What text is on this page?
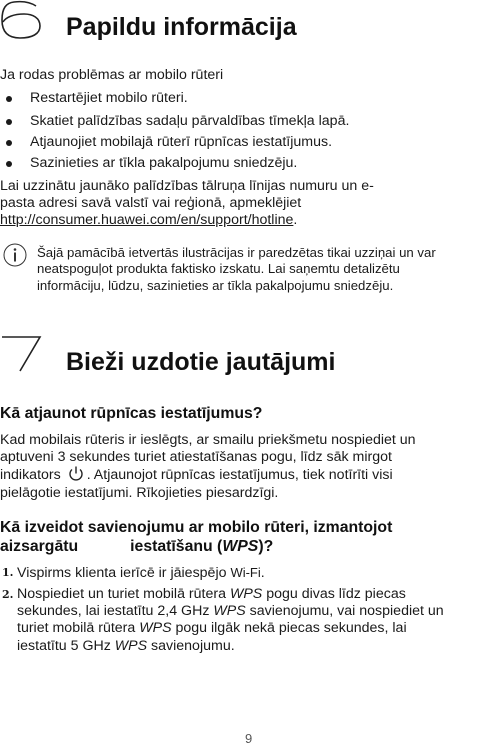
Papildu informācija
Ja rodas problēmas ar mobilo rūteri
Restartējiet mobilo rūteri.
Skatiet palīdzības sadaļu pārvaldības tīmekļa lapā.
Atjaunojiet mobilajā rūterī rūpnīcas iestatījumus.
Sazinieties ar tīkla pakalpojumu sniedzēju.
Lai uzzinātu jaunāko palīdzības tālruņa līnijas numuru un e-
pasta adresi savā valstī vai reģionā, apmeklējiet
http://consumer.huawei.com/en/support/hotline.
Šajā pamācībā ietvertās ilustrācijas ir paredzētas tikai uzziņai un var
neatspoguļot produkta faktisko izskatu. Lai saņemtu detalizētu
informāciju, lūdzu, sazinieties ar tīkla pakalpojumu sniedzēju.
Bieži uzdotie jautājumi
Kā atjaunot rūpnīcas iestatījumus?
Kad mobilais rūteris ir ieslēgts, ar smailu priekšmetu nospiediet un
aptuveni 3 sekundes turiet atiestatīšanas pogu, līdz sāk mirgot
indikators . Atjaunojot rūpnīcas iestatījumus, tiek notīrīti visi
pielāgotie iestatījumi. Rīkojieties piesardzīgi.
Kā izveidot savienojumu ar mobilo rūteri, izmantojot
aizsargātu	iestatīšanu (WPS)?
1. Vispirms klienta ierīcē ir jāiespējo Wi-Fi.
2. Nospiediet un turiet mobilā rūtera WPS pogu divas līdz piecas
sekundes, lai iestatītu 2,4 GHz WPS savienojumu, vai nospiediet un
turiet mobilā rūtera WPS pogu ilgāk nekā piecas sekundes, lai
iestatītu 5 GHz WPS savienojumu.
9
